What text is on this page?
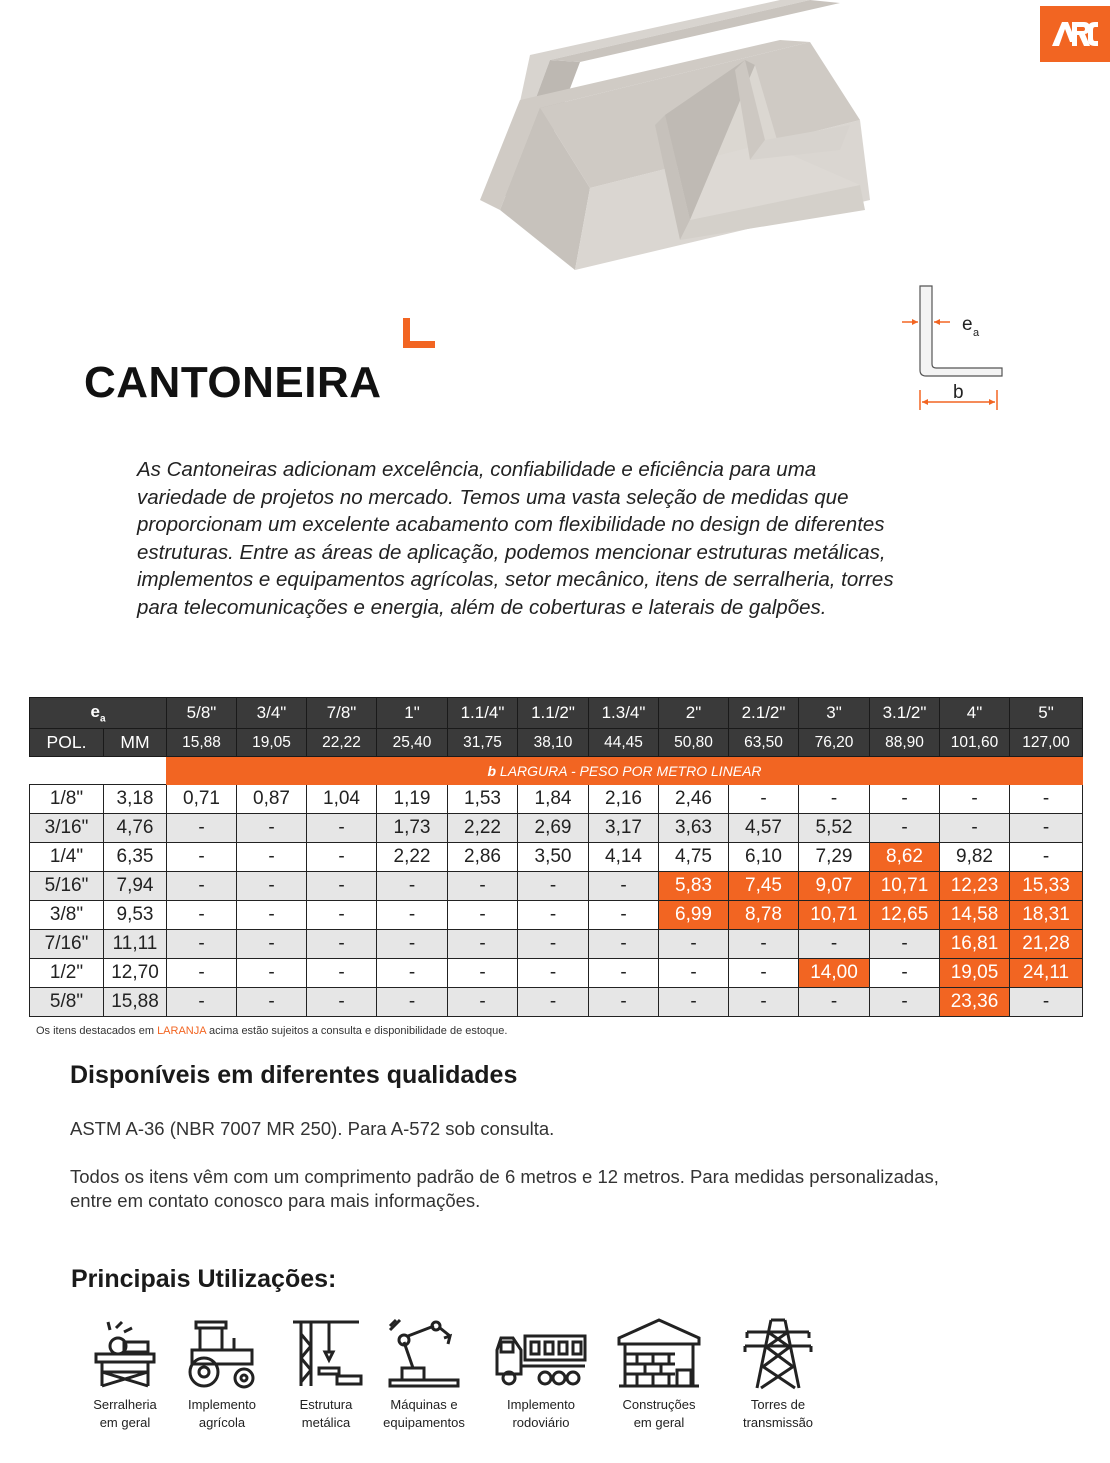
CANTONEIRA
e a
b

As Cantoneiras adicionam excelência, confiabilidade e eficiência para uma variedade de projetos no mercado. Temos uma vasta seleção de medidas que proporcionam um excelente acabamento com flexibilidade no design de diferentes estruturas. Entre as áreas de aplicação, podemos mencionar estruturas metálicas, implementos e equipamentos agrícolas, setor mecânico, itens de serralheria, torres para telecomunicações e energia, além de coberturas e laterais de galpões.

$e_a$		5/8"	3/4"	7/8"	1"	1.1/4"	1.1/2"	1.3/4"	2"	2.1/2"	3"	3.1/2"	4"	5"
POL.	MM	15,88	19,05	22,22	25,40	31,75	38,10	44,45	50,80	63,50	76,20	88,90	101,60	127,00
		b LARGURA - PESO POR METRO LINEAR												
1/8"	3,18	0,71	0,87	1,04	1,19	1,53	1,84	2,16	2,46	-	-	-	-	-
3/16"	4,76	-	-	-	1,73	2,22	2,69	3,17	3,63	4,57	5,52	-	-	-
1/4"	6,35	-	-	-	2,22	2,86	3,50	4,14	4,75	6,10	7,29	8,62	9,82	-
5/16"	7,94	-	-	-	-	-	-	-	5,83	7,45	9,07	10,71	12,23	15,33
3/8"	9,53	-	-	-	-	-	-	-	6,99	8,78	10,71	12,65	14,58	18,31
7/16"	11,11	-	-	-	-	-	-	-	-	-	-	-	16,81	21,28
1/2"	12,70	-	-	-	-	-	-	-	-	-	14,00	-	19,05	24,11
5/8"	15,88	-	-	-	-	-	-	-	-	-	-	-	23,36	-
Os itens destacados em LARANJA acima estão sujeitos a consulta e disponibilidade de estoque.
Disponíveis em diferentes qualidades
ASTM A-36 (NBR 7007 MR 250). Para A-572 sob consulta.
Todos os itens vêm com um comprimento padrão de 6 metros e 12 metros. Para medidas personalizadas, entre em contato conosco para mais informações.
Principais Utilizações:
Serralheria
em geral
Implemento
agrícola
Estrutura
metálica
Máquinas e
equipamentos
Implemento
rodoviário
Construções
em geral
Torres de
transmissão
